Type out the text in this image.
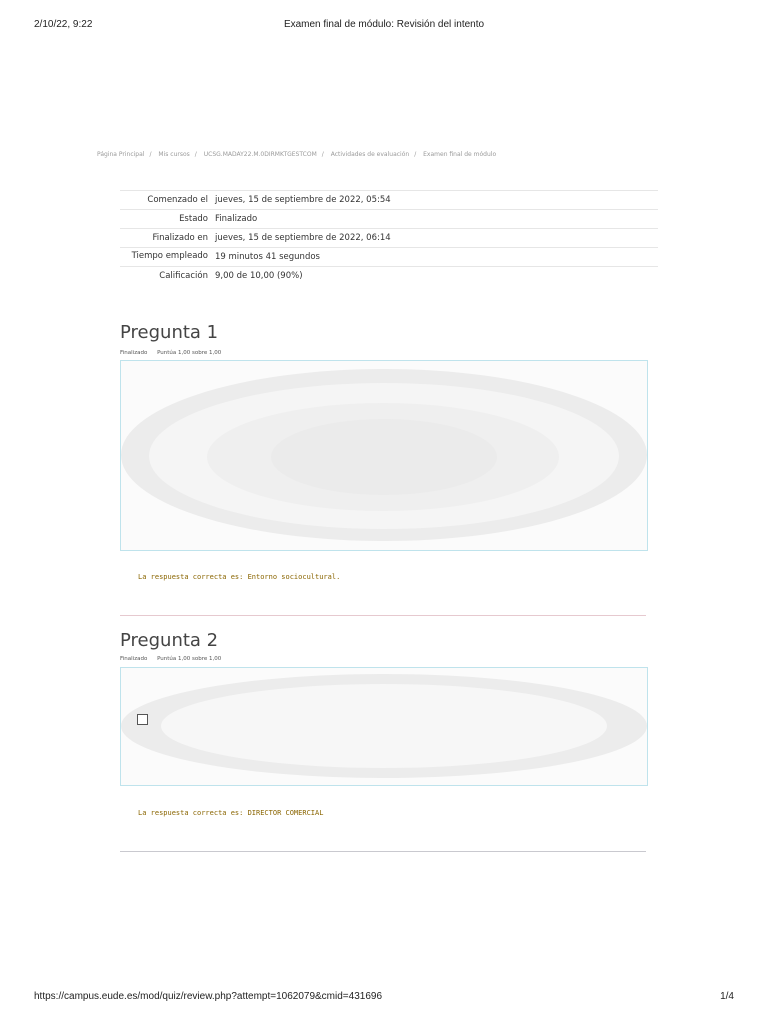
2/10/22, 9:22	Examen final de módulo: Revisión del intento
Página Principal / Mis cursos / UCSG.MADAY22.M.0DIRMKTGESTCOM / Actividades de evaluación / Examen final de módulo
Comenzado el	jueves, 15 de septiembre de 2022, 05:54
Estado	Finalizado
Finalizado en	jueves, 15 de septiembre de 2022, 06:14
Tiempo empleado	19 minutos 41 segundos
Calificación	9,00 de 10,00 (90%)
Pregunta 1
Finalizado Puntúa 1,00 sobre 1,00
La respuesta correcta es: Entorno sociocultural.
Pregunta 2
Finalizado Puntúa 1,00 sobre 1,00
La respuesta correcta es: DIRECTOR COMERCIAL
https://campus.eude.es/mod/quiz/review.php?attempt=1062079&cmid=431696	1/4
